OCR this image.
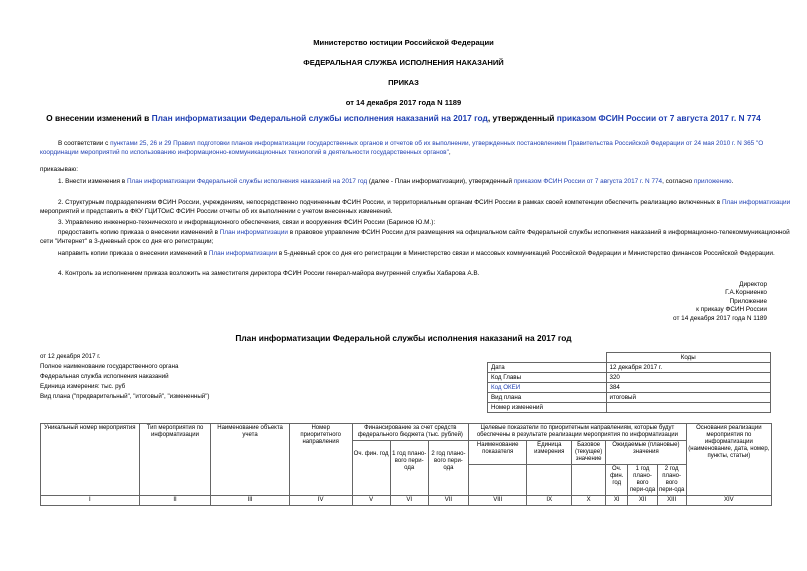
Министерство юстиции Российской Федерации
ФЕДЕРАЛЬНАЯ СЛУЖБА ИСПОЛНЕНИЯ НАКАЗАНИЙ
ПРИКАЗ
от 14 декабря 2017 года N 1189
О внесении изменений в План информатизации Федеральной службы исполнения наказаний на 2017 год, утвержденный приказом ФСИН России от 7 августа 2017 г. N 774
В соответствии с пунктами 25, 26 и 29 Правил подготовки планов информатизации государственных органов и отчетов об их выполнении, утвержденных постановлением Правительства Российской Федерации от 24 мая 2010 г. N 365 "О координации мероприятий по использованию информационно-коммуникационных технологий в деятельности государственных органов",
приказываю:
1. Внести изменения в План информатизации Федеральной службы исполнения наказаний на 2017 год (далее - План информатизации), утвержденный приказом ФСИН России от 7 августа 2017 г. N 774, согласно приложению.
2. Структурным подразделениям ФСИН России, учреждениям, непосредственно подчиненным ФСИН России, и территориальным органам ФСИН России в рамках своей компетенции обеспечить реализацию включенных в План информатизации мероприятий и представить в ФКУ ГЦИТОиС ФСИН России отчеты об их выполнении с учетом внесенных изменений.
3. Управлению инженерно-технического и информационного обеспечения, связи и вооружения ФСИН России (Баринов Ю.М.):
предоставить копию приказа о внесении изменений в План информатизации в правовое управление ФСИН России для размещения на официальном сайте Федеральной службы исполнения наказаний в информационно-телекоммуникационной сети "Интернет" в 3-дневный срок со дня его регистрации;
направить копии приказа о внесении изменений в План информатизации в 5-дневный срок со дня его регистрации в Министерство связи и массовых коммуникаций Российской Федерации и Министерство финансов Российской Федерации.
4. Контроль за исполнением приказа возложить на заместителя директора ФСИН России генерал-майора внутренней службы Хабарова А.В.
Директор
Г.А.Корниенко
Приложение
к приказу ФСИН России
от 14 декабря 2017 года N 1189
План информатизации Федеральной службы исполнения наказаний на 2017 год
от 12 декабря 2017 г.
Полное наименование государственного органа
Федеральная служба исполнения наказаний
Единица измерения: тыс. руб
Вид плана ("предварительный", "итоговый", "измененный")
	Коды
Дата	12 декабря 2017 г.
Код Главы	320
Код ОКЕИ	384
Вид плана	итоговый
Номер изменений	
Уникальный номер мероприятия	Тип мероприятия по информатизации	Наименование объекта учета	Номер приоритетного направления	Финансирование за счет средств федерального бюджета (тыс. рублей)			Целевые показатели по приоритетным направлениям, которые будут обеспечены в результате реализации мероприятия по информатизации						Основания реализации мероприятия по информатизации (наименование, дата, номер, пункты, статьи)
				Оч. фин. год	1 год плано-вого пери-ода	2 год плано-вого пери-ода	Наименование показателя	Единица измерения	Базовое (текущее) значение	Ожидаемые (плановые) значения			
										Оч. фин. год	1 год плано-вого пери-ода	2 год плано-вого пери-ода	
I	II	III	IV	V	VI	VII	VIII	IX	X	XI	XII	XIII	XIV
